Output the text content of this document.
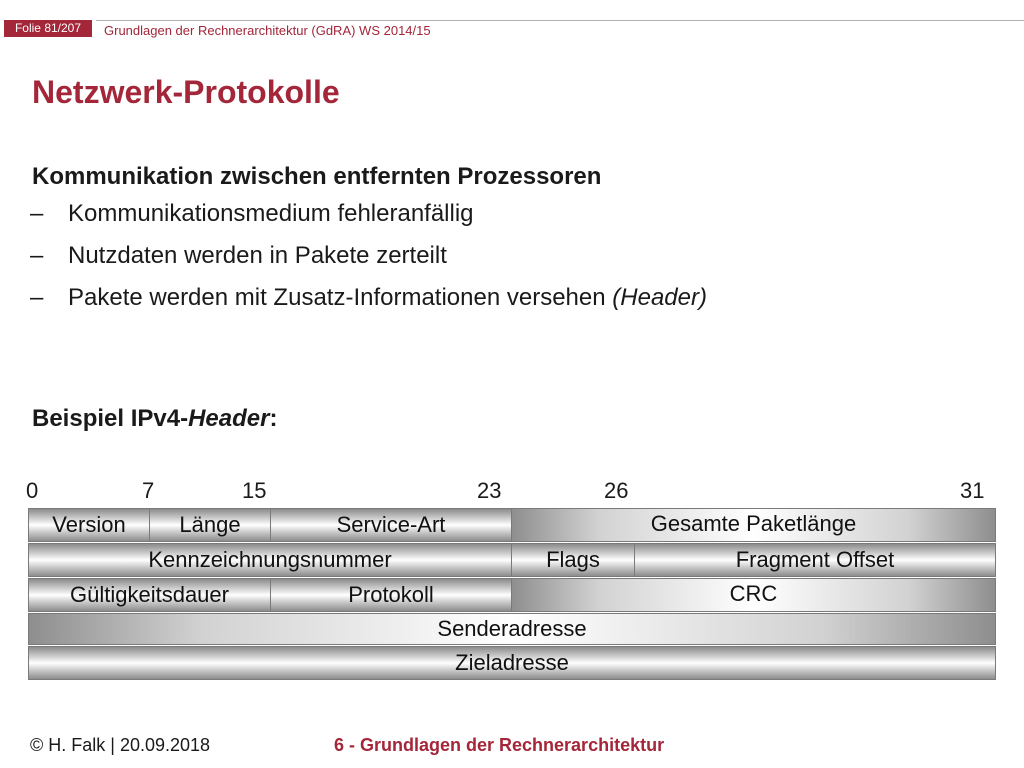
Folie 81/207	Grundlagen der Rechnerarchitektur (GdRA) WS 2014/15
Netzwerk-Protokolle
Kommunikation zwischen entfernten Prozessoren
– Kommunikationsmedium fehleranfällig
– Nutzdaten werden in Pakete zerteilt
– Pakete werden mit Zusatz-Informationen versehen (Header)
Beispiel IPv4-Header:
0	7	15	23	26	31
Version	Länge	Service-Art	Gesamte Paketlänge
Kennzeichnungsnummer	Flags	Fragment Offset
Gültigkeitsdauer	Protokoll	CRC
Senderadresse
Zieladresse
© H. Falk | 20.09.2018	6 - Grundlagen der Rechnerarchitektur
